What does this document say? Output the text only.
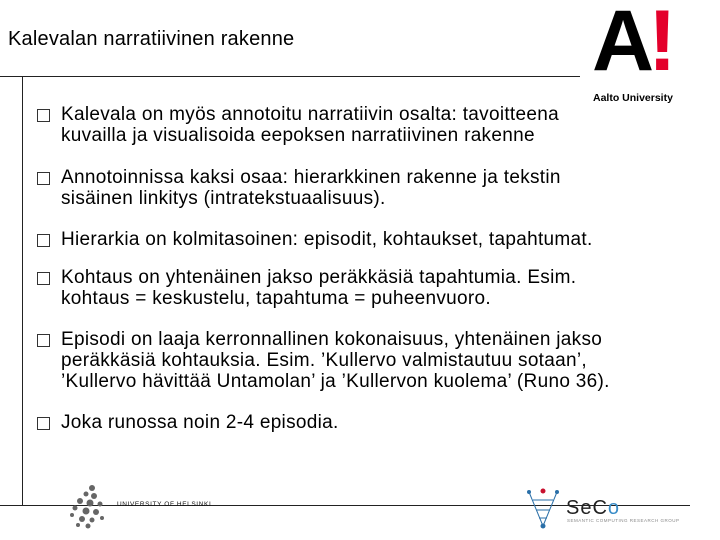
Kalevalan narratiivinen rakenne	A
!
Aalto University
Kalevala on myös annotoitu narratiivin osalta: tavoitteena
kuvailla ja visualisoida eepoksen narratiivinen rakenne
Annotoinnissa kaksi osaa: hierarkkinen rakenne ja tekstin
sisäinen linkitys (intratekstuaalisuus).
Hierarkia on kolmitasoinen: episodit, kohtaukset, tapahtumat.
Kohtaus on yhtenäinen jakso peräkkäsiä tapahtumia. Esim.
kohtaus = keskustelu, tapahtuma = puheenvuoro.
Episodi on laaja kerronnallinen kokonaisuus, yhtenäinen jakso
peräkkäsiä kohtauksia. Esim. ’Kullervo valmistautuu sotaan’,
’Kullervo hävittää Untamolan’ ja ’Kullervon kuolema’ (Runo 36).
Joka runossa noin 2-4 episodia.
UNIVERSITY OF HELSINKI	SeCo
SEMANTIC COMPUTING RESEARCH GROUP
